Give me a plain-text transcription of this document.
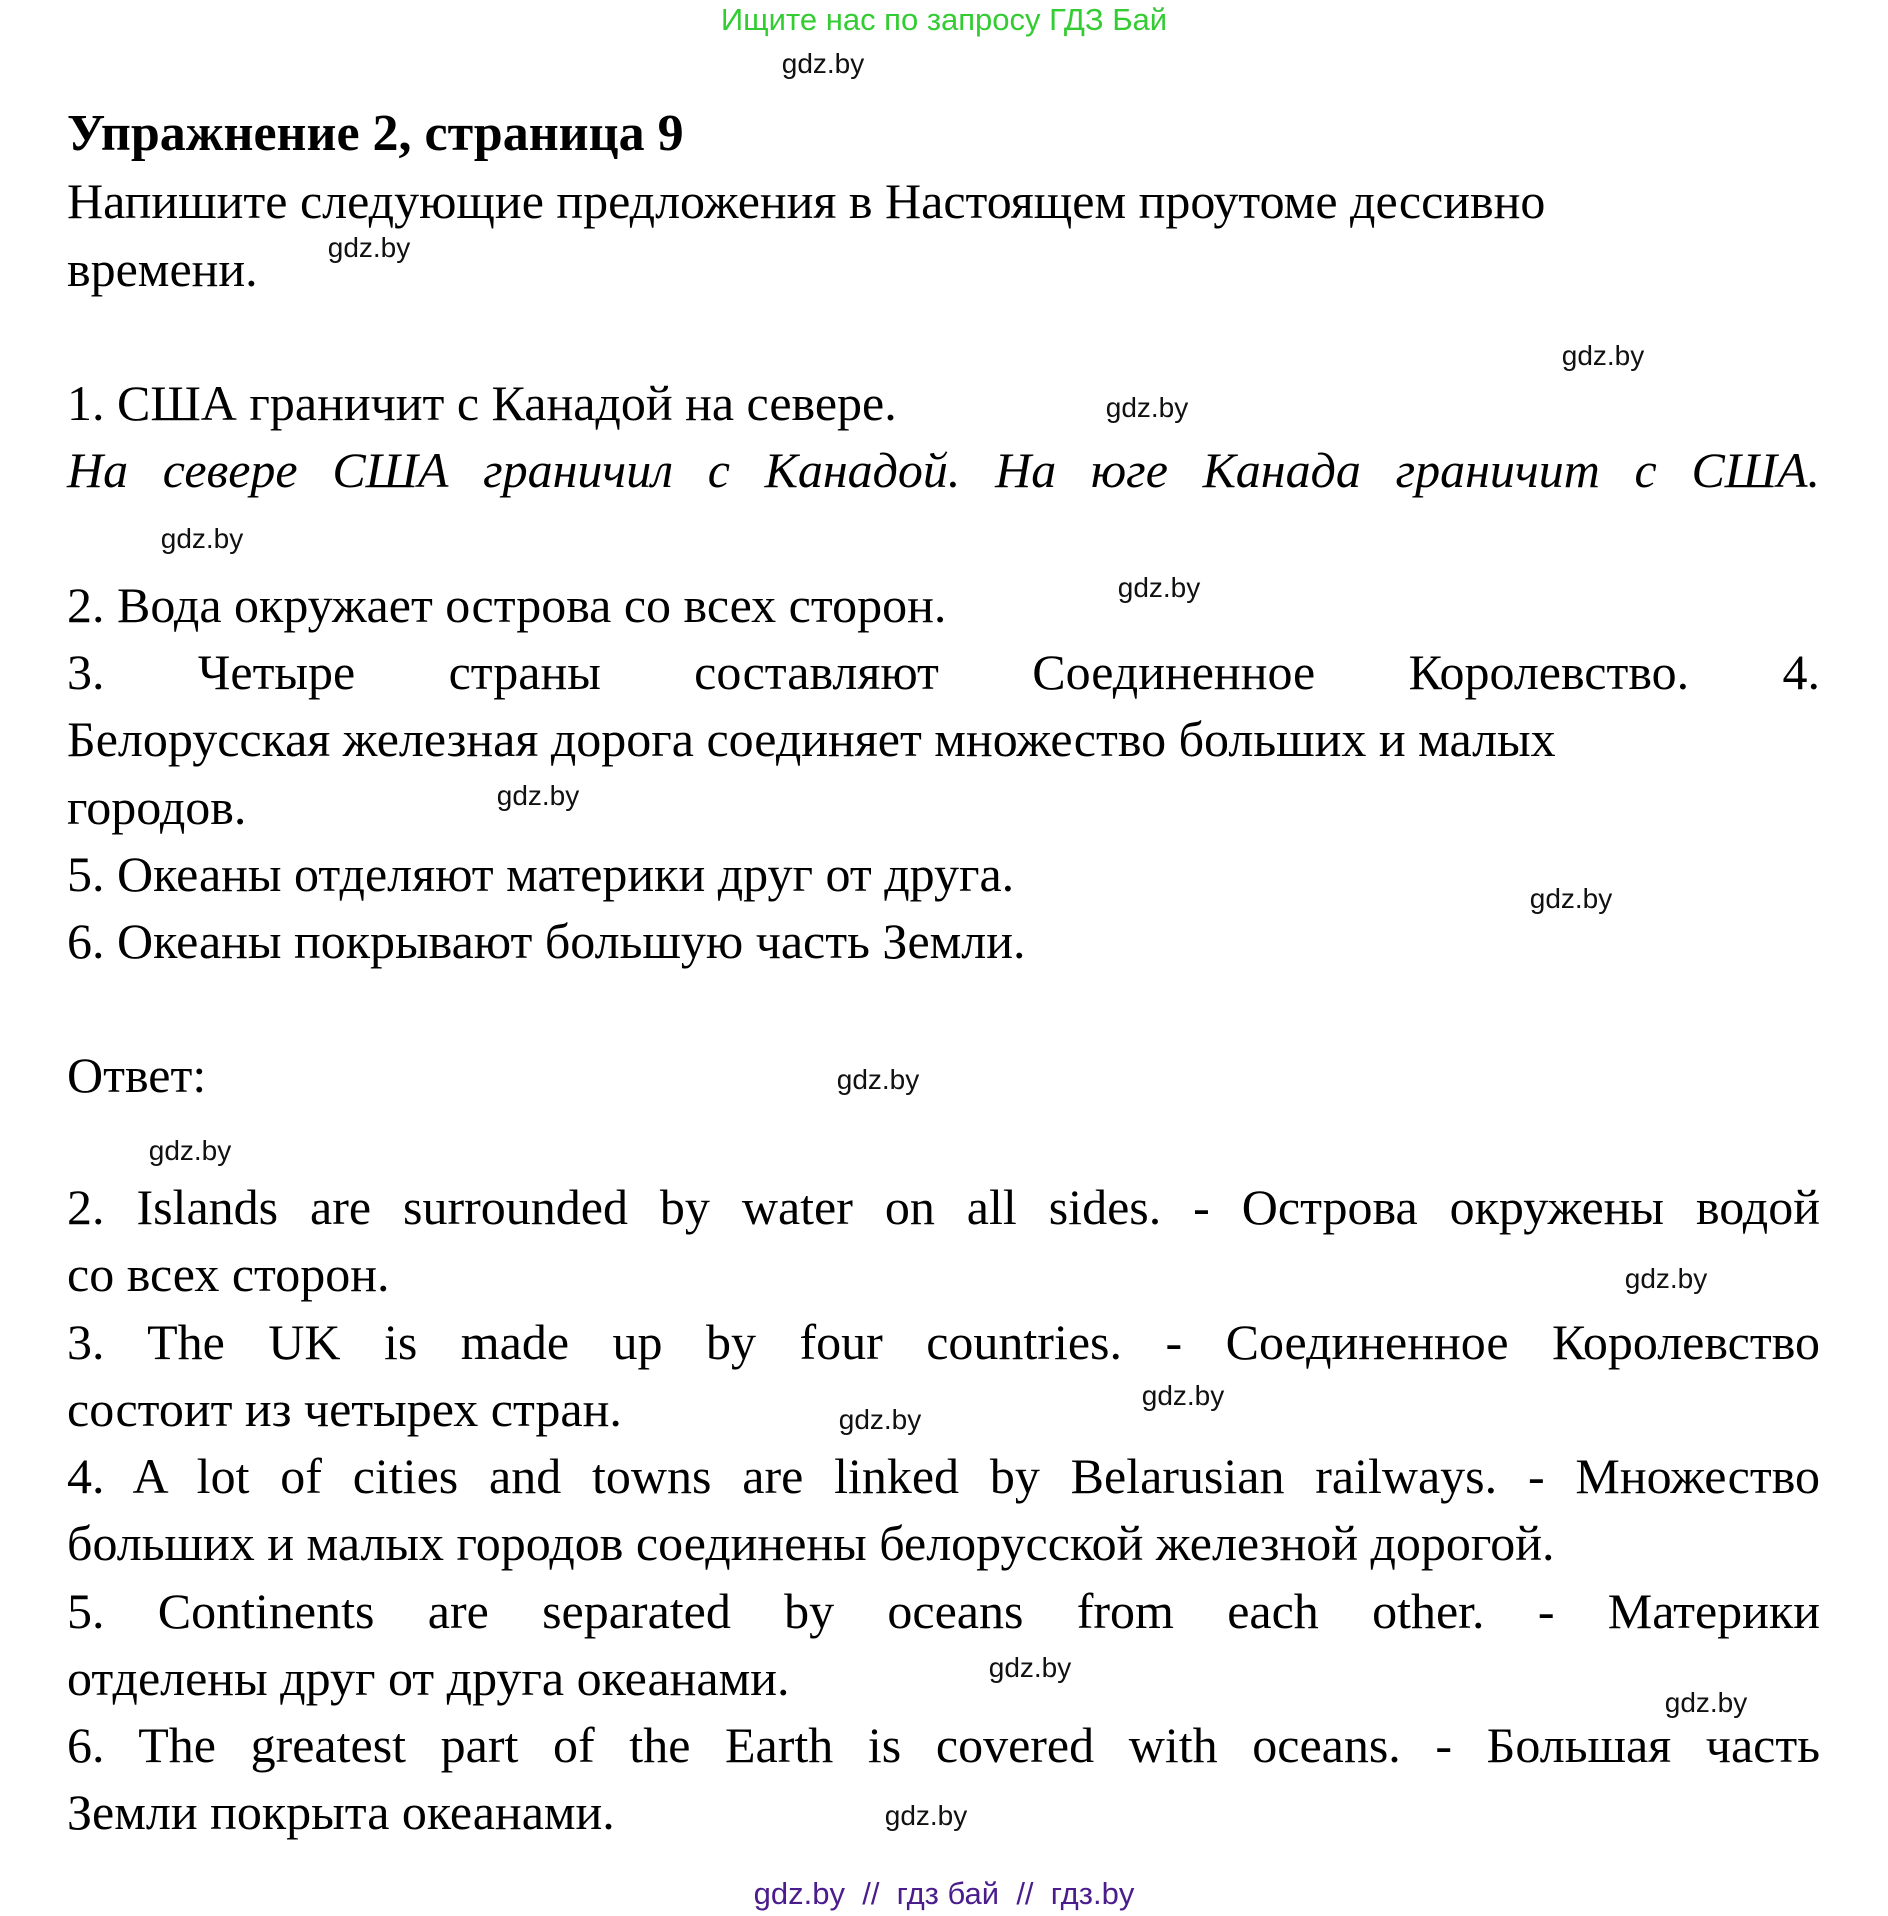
Ищите нас по запросу ГДЗ Бай
Упражнение 2, страница 9
Напишите следующие предложения в Настоящем проутоме дессивно
времени.
1. США граничит с Канадой на севере.
На севере США граничил с Канадой. На юге Канада граничит с США.
2. Вода окружает острова со всех сторон.
3. Четыре страны составляют Соединенное Королевство. 4.
Белорусская железная дорога соединяет множество больших и малых
городов.
5. Океаны отделяют материки друг от друга.
6. Океаны покрывают большую часть Земли.
Ответ:
2. Islands are surrounded by water on all sides. - Острова окружены водой
со всех сторон.
3. The UK is made up by four countries. - Соединенное Королевство
состоит из четырех стран.
4. A lot of cities and towns are linked by Belarusian railways. - Множество
больших и малых городов соединены белорусской железной дорогой.
5. Continents are separated by oceans from each other. - Материки
отделены друг от друга океанами.
6. The greatest part of the Earth is covered with oceans. - Большая часть
Земли покрыта океанами.
gdz.by
gdz.by
gdz.by
gdz.by
gdz.by
gdz.by
gdz.by
gdz.by
gdz.by
gdz.by
gdz.by
gdz.by
gdz.by
gdz.by
gdz.by
gdz.by
gdz.by  //  гдз бай  //  гдз.by
